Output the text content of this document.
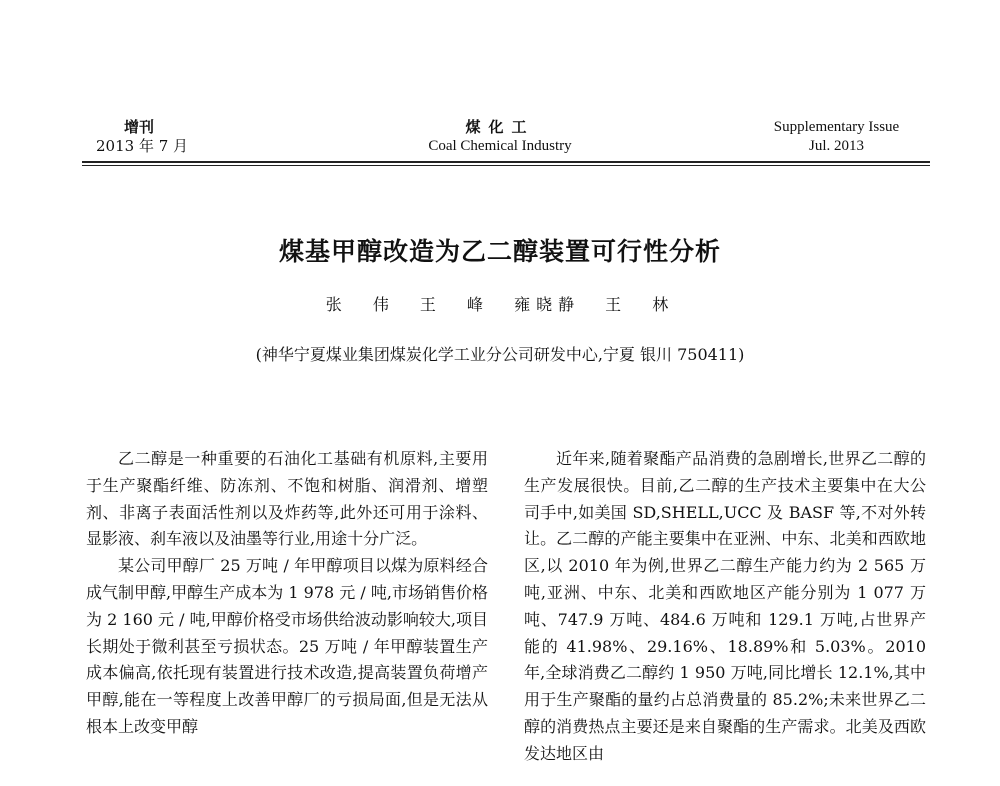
增刊
2013 年 7 月
煤化工
Coal Chemical Industry
Supplementary Issue
Jul. 2013
煤基甲醇改造为乙二醇装置可行性分析
张 伟 王 峰 雍晓静 王 林
(神华宁夏煤业集团煤炭化学工业分公司研发中心,宁夏 银川 750411)

乙二醇是一种重要的石油化工基础有机原料,主要用于生产聚酯纤维、防冻剂、不饱和树脂、润滑剂、增塑剂、非离子表面活性剂以及炸药等,此外还可用于涂料、显影液、刹车液以及油墨等行业,用途十分广泛。

某公司甲醇厂 25 万吨 / 年甲醇项目以煤为原料经合成气制甲醇,甲醇生产成本为 1 978 元 / 吨,市场销售价格为 2 160 元 / 吨,甲醇价格受市场供给波动影响较大,项目长期处于微利甚至亏损状态。25 万吨 / 年甲醇装置生产成本偏高,依托现有装置进行技术改造,提高装置负荷增产甲醇,能在一等程度上改善甲醇厂的亏损局面,但是无法从根本上改变甲醇

近年来,随着聚酯产品消费的急剧增长,世界乙二醇的生产发展很快。目前,乙二醇的生产技术主要集中在大公司手中,如美国 SD,SHELL,UCC 及 BASF 等,不对外转让。乙二醇的产能主要集中在亚洲、中东、北美和西欧地区,以 2010 年为例,世界乙二醇生产能力约为 2 565 万吨,亚洲、中东、北美和西欧地区产能分别为 1 077 万吨、747.9 万吨、484.6 万吨和 129.1 万吨,占世界产能的 41.98%、29.16%、18.89%和 5.03%。2010 年,全球消费乙二醇约 1 950 万吨,同比增长 12.1%,其中用于生产聚酯的量约占总消费量的 85.2%;未来世界乙二醇的消费热点主要还是来自聚酯的生产需求。北美及西欧发达地区由
